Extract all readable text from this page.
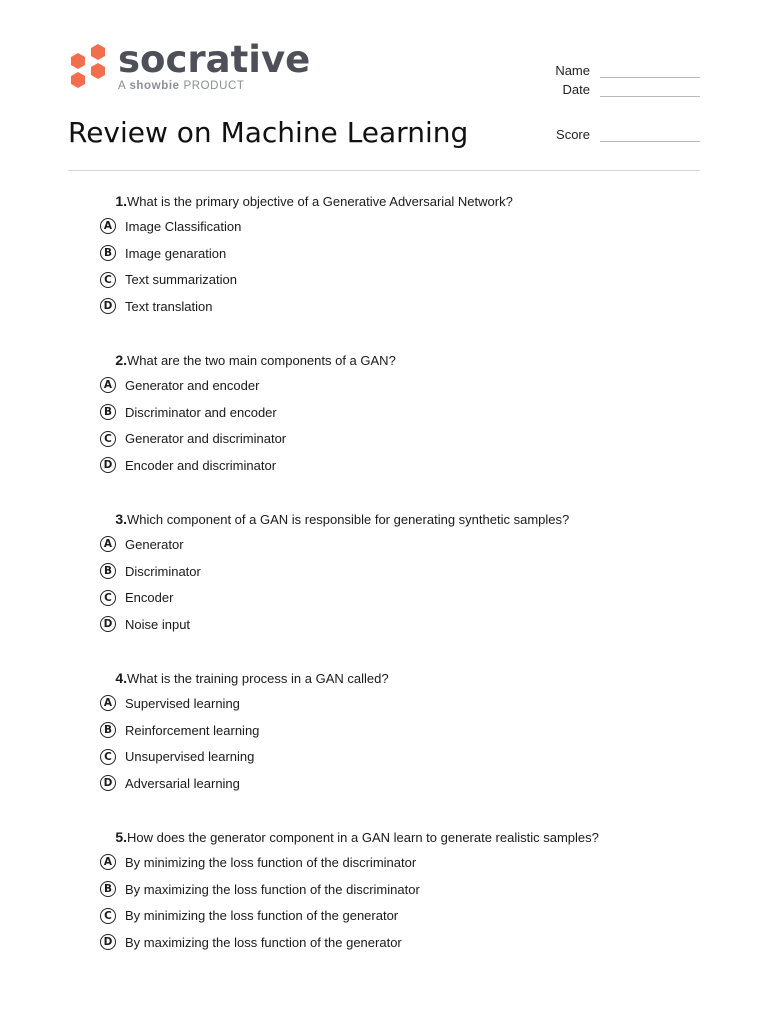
socrative
A showbie PRODUCT
Review on Machine Learning
Name
Date
Score
1. What is the primary objective of a Generative Adversarial Network?
A Image Classification
B	Image genaration
C	Text summarization
D Text translation
2. What are the two main components of a GAN?
A Generator and encoder
B	Discriminator and encoder
C	Generator and discriminator
D Encoder and discriminator
3. Which component of a GAN is responsible for generating synthetic samples?
A Generator
B	Discriminator
C	Encoder
D Noise input
4. What is the training process in a GAN called?
A Supervised learning
B	Reinforcement learning
C	Unsupervised learning
D Adversarial learning
5. How does the generator component in a GAN learn to generate realistic samples?
A By minimizing the loss function of the discriminator
B	By maximizing the loss function of the discriminator
C	By minimizing the loss function of the generator
D By maximizing the loss function of the generator
